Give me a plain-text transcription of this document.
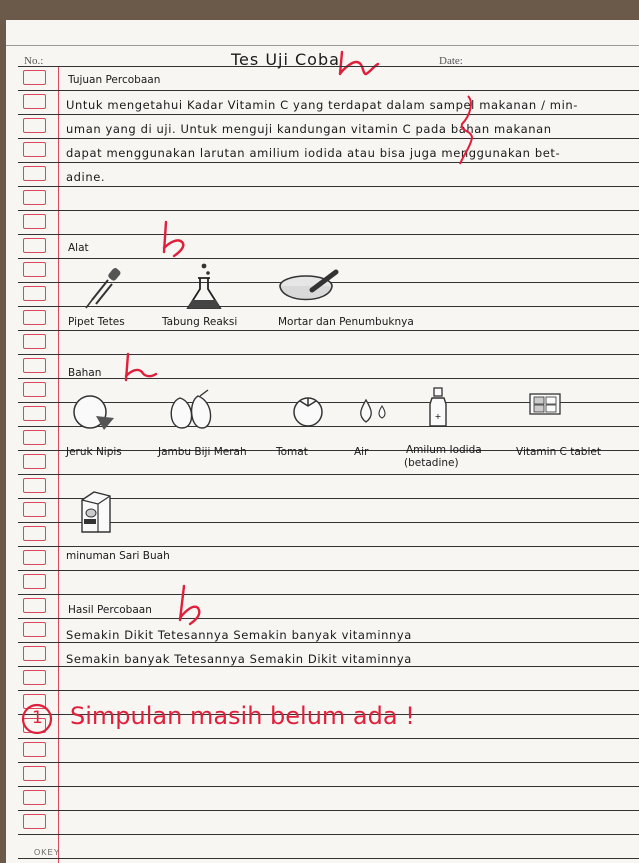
No.:	Tes Uji Coba	Date:
Tujuan Percobaan
Untuk mengetahui Kadar Vitamin C yang terdapat dalam sampel makanan / min-
uman yang di uji. Untuk menguji kandungan vitamin C pada bahan makanan
dapat menggunakan larutan amilium iodida atau bisa juga menggunakan bet-
adine.
Alat
Pipet Tetes	Tabung Reaksi	Mortar dan Penumbuknya
Bahan
+
Jeruk Nipis	Jambu Biji Merah	Tomat	Air	Amilum Iodida
(betadine)
Vitamin C tablet
minuman Sari Buah
Hasil Percobaan
Semakin Dikit Tetesannya Semakin banyak vitaminnya
Semakin banyak Tetesannya Semakin Dikit vitaminnya
1 Simpulan masih belum ada !
OKEY
